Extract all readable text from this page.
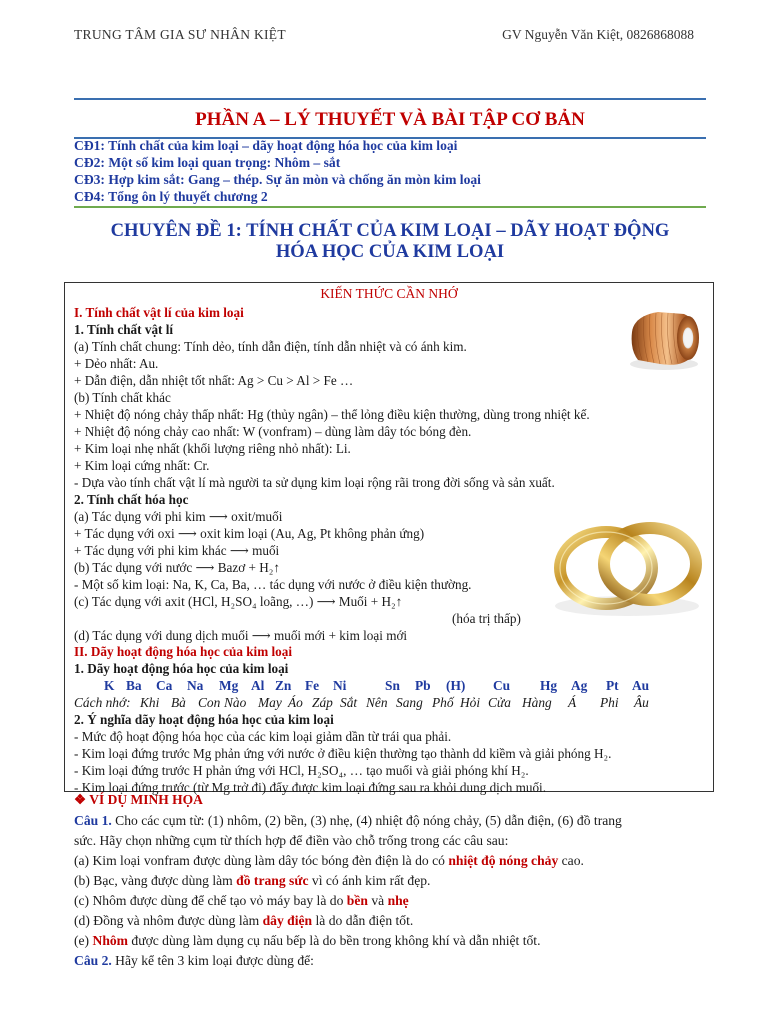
TRUNG TÂM GIA SƯ NHÂN KIỆT	GV Nguyễn Văn Kiệt, 0826868088
PHẦN A – LÝ THUYẾT VÀ BÀI TẬP CƠ BẢN
CĐ1: Tính chất của kim loại – dãy hoạt động hóa học của kim loại
CĐ2: Một số kim loại quan trọng: Nhôm – sắt
CĐ3: Hợp kim sắt: Gang – thép. Sự ăn mòn và chống ăn mòn kim loại
CĐ4: Tổng ôn lý thuyết chương 2
CHUYÊN ĐỀ 1: TÍNH CHẤT CỦA KIM LOẠI – DÃY HOẠT ĐỘNG
HÓA HỌC CỦA KIM LOẠI
KIẾN THỨC CẦN NHỚ
I. Tính chất vật lí của kim loại
1. Tính chất vật lí
(a) Tính chất chung: Tính dẻo, tính dẫn điện, tính dẫn nhiệt và có ánh kim.
+ Dẻo nhất: Au.
+ Dẫn điện, dẫn nhiệt tốt nhất: Ag > Cu > Al > Fe …
(b) Tính chất khác
+ Nhiệt độ nóng chảy thấp nhất: Hg (thủy ngân) – thể lỏng điều kiện thường, dùng trong nhiệt kế.
+ Nhiệt độ nóng chảy cao nhất: W (vonfram) – dùng làm dây tóc bóng đèn.
+ Kim loại nhẹ nhất (khối lượng riêng nhỏ nhất): Li.
+ Kim loại cứng nhất: Cr.
- Dựa vào tính chất vật lí mà người ta sử dụng kim loại rộng rãi trong đời sống và sản xuất.
2. Tính chất hóa học
(a) Tác dụng với phi kim ⟶ oxit/muối
+ Tác dụng với oxi ⟶ oxit kim loại (Au, Ag, Pt không phản ứng)
+ Tác dụng với phi kim khác ⟶ muối
(b) Tác dụng với nước ⟶ Bazơ + H₂↑
- Một số kim loại: Na, K, Ca, Ba, … tác dụng với nước ở điều kiện thường.
(c) Tác dụng với axit (HCl, H₂SO₄ loãng, …) ⟶ Muối + H₂↑
(hóa trị thấp)
(d) Tác dụng với dung dịch muối ⟶ muối mới + kim loại mới
II. Dãy hoạt động hóa học của kim loại
1. Dãy hoạt động hóa học của kim loại
K Ba Ca Na Mg Al Zn Fe Ni	Sn Pb (H) Cu Hg Ag Pt Au
Cách nhớ: Khi Bà Con Nào May Áo Záp Sắt Nên Sang Phố Hỏi Cửa Hàng Á Phi Âu
2. Ý nghĩa dãy hoạt động hóa học của kim loại
- Mức độ hoạt động hóa học của các kim loại giảm dần từ trái qua phải.
- Kim loại đứng trước Mg phản ứng với nước ở điều kiện thường tạo thành dd kiềm và giải phóng H₂.
- Kim loại đứng trước H phản ứng với HCl, H₂SO₄, … tạo muối và giải phóng khí H₂.
- Kim loại đứng trước (từ Mg trở đi) đẩy được kim loại đứng sau ra khỏi dung dịch muối.
❖ VÍ DỤ MINH HỌA
Câu 1. Cho các cụm từ: (1) nhôm, (2) bền, (3) nhẹ, (4) nhiệt độ nóng chảy, (5) dẫn điện, (6) đồ trang
sức. Hãy chọn những cụm từ thích hợp để điền vào chỗ trống trong các câu sau:
(a) Kim loại vonfram được dùng làm dây tóc bóng đèn điện là do có nhiệt độ nóng chảy cao.
(b) Bạc, vàng được dùng làm đồ trang sức vì có ánh kim rất đẹp.
(c) Nhôm được dùng để chế tạo vỏ máy bay là do bền và nhẹ
(d) Đồng và nhôm được dùng làm dây điện là do dẫn điện tốt.
(e) Nhôm được dùng làm dụng cụ nấu bếp là do bền trong không khí và dẫn nhiệt tốt.
Câu 2. Hãy kể tên 3 kim loại được dùng để:
